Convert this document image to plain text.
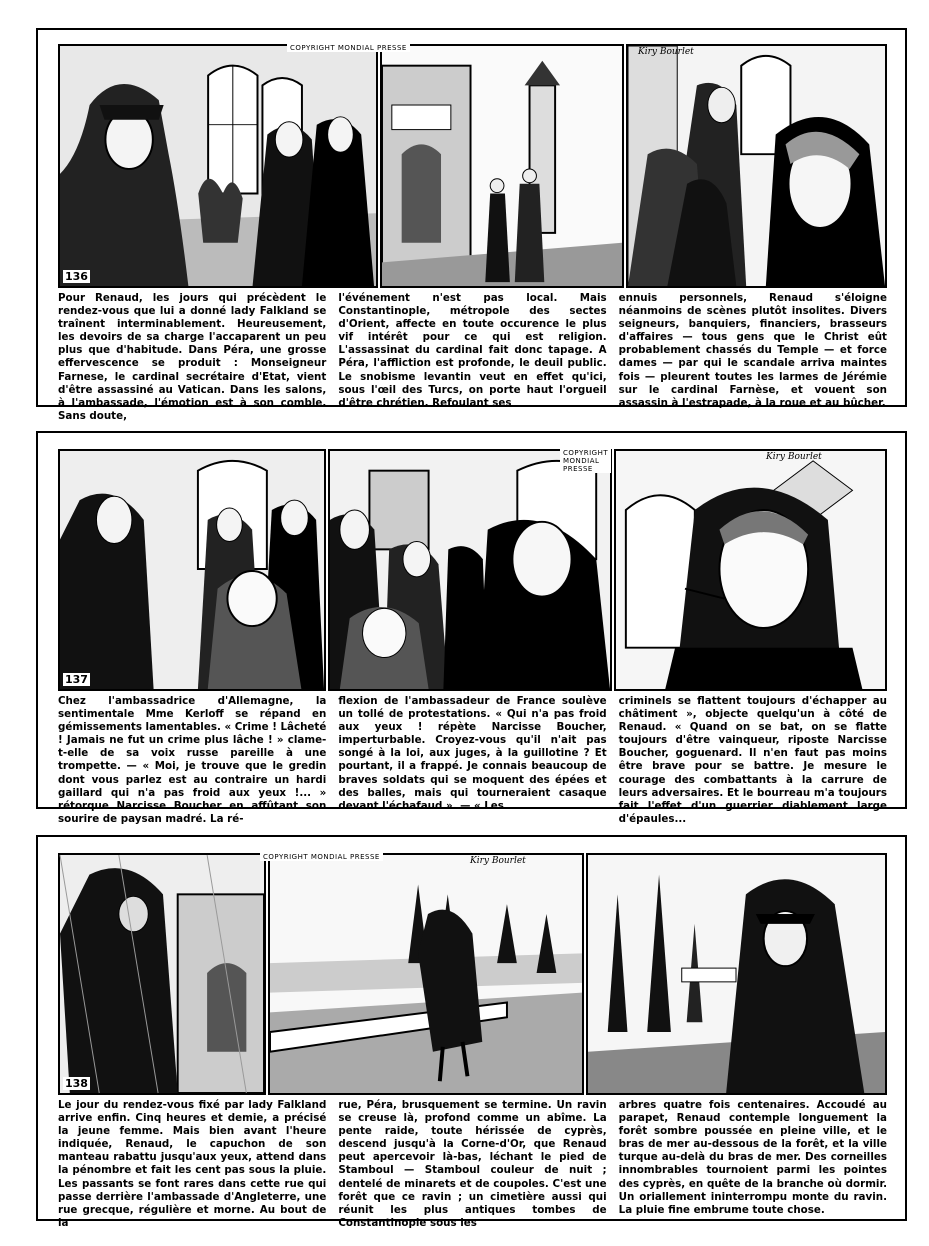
136
COPYRIGHT MONDIAL PRESSE	Kiry Bourlet
Pour Renaud, les jours qui précèdent le rendez-vous que lui a donné lady Falkland se traînent interminablement. Heureusement, les devoirs de sa charge l'accaparent un peu plus que d'habitude. Dans Péra, une grosse effervescence se produit : Monseigneur Farnese, le cardinal secrétaire d'Etat, vient d'être assassiné au Vatican. Dans les salons, à l'ambassade, l'émotion est à son comble. Sans doute,
l'événement n'est pas local. Mais Constantinople, métropole des sectes d'Orient, affecte en toute occurence le plus vif intérêt pour ce qui est religion. L'assassinat du cardinal fait donc tapage. A Péra, l'affliction est profonde, le deuil public. Le snobisme levantin veut en effet qu'ici, sous l'œil des Turcs, on porte haut l'orgueil d'être chrétien. Refoulant ses
ennuis personnels, Renaud s'éloigne néanmoins de scènes plutôt insolites. Divers seigneurs, banquiers, financiers, brasseurs d'affaires — tous gens que le Christ eût probablement chassés du Temple — et force dames — par qui le scandale arriva maintes fois — pleurent toutes les larmes de Jérémie sur le cardinal Farnèse, et vouent son assassin à l'estrapade, à la roue et au bûcher.
137
COPYRIGHT MONDIAL PRESSE
Kiry Bourlet
Chez l'ambassadrice d'Allemagne, la sentimentale Mme Kerloff se répand en gémissements lamentables. « Crime ! Lâcheté ! Jamais ne fut un crime plus lâche ! » clame-t-elle de sa voix russe pareille à une trompette. — « Moi, je trouve que le gredin dont vous parlez est au contraire un hardi gaillard qui n'a pas froid aux yeux !... » rétorque Narcisse Boucher en affûtant son sourire de paysan madré. La ré-
flexion de l'ambassadeur de France soulève un tollé de protestations. « Qui n'a pas froid aux yeux ! répète Narcisse Boucher, imperturbable. Croyez-vous qu'il n'ait pas songé à la loi, aux juges, à la guillotine ? Et pourtant, il a frappé. Je connais beaucoup de braves soldats qui se moquent des épées et des balles, mais qui tourneraient casaque devant l'échafaud ». — « Les
criminels se flattent toujours d'échapper au châtiment », objecte quelqu'un à côté de Renaud. « Quand on se bat, on se flatte toujours d'être vainqueur, riposte Narcisse Boucher, goguenard. Il n'en faut pas moins être brave pour se battre. Je mesure le courage des combattants à la carrure de leurs adversaires. Et le bourreau m'a toujours fait l'effet d'un guerrier diablement large d'épaules...
138
COPYRIGHT MONDIAL PRESSE	Kiry Bourlet
Le jour du rendez-vous fixé par lady Falkland arrive enfin. Cinq heures et demie, a précisé la jeune femme. Mais bien avant l'heure indiquée, Renaud, le capuchon de son manteau rabattu jusqu'aux yeux, attend dans la pénombre et fait les cent pas sous la pluie. Les passants se font rares dans cette rue qui passe derrière l'ambassade d'Angleterre, une rue grecque, régulière et morne. Au bout de la
rue, Péra, brusquement se termine. Un ravin se creuse là, profond comme un abîme. La pente raide, toute hérissée de cyprès, descend jusqu'à la Corne-d'Or, que Renaud peut apercevoir là-bas, léchant le pied de Stamboul — Stamboul couleur de nuit ; dentelé de minarets et de coupoles. C'est une forêt que ce ravin ; un cimetière aussi qui réunit les plus antiques tombes de Constantinople sous les
arbres quatre fois centenaires. Accoudé au parapet, Renaud contemple longuement la forêt sombre poussée en pleine ville, et le bras de mer au-dessous de la forêt, et la ville turque au-delà du bras de mer. Des corneilles innombrables tournoient parmi les pointes des cyprès, en quête de la branche où dormir. Un oriallement ininterrompu monte du ravin. La pluie fine embrume toute chose.
